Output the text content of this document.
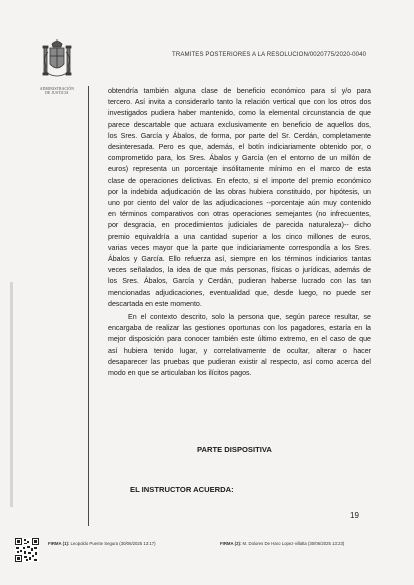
ADMINISTRACIÓN
DE JUSTICIA
TRAMITES POSTERIORES A LA RESOLUCION/0020775/2020-0040

obtendría también alguna clase de beneficio económico para sí y/o para

tercero. Así invita a considerarlo tanto la relación vertical que con los otros dos

investigados pudiera haber mantenido, como la elemental circunstancia de que

parece descartable que actuara exclusivamente en beneficio de aquellos dos,

los Sres. García y Ábalos, de forma, por parte del Sr. Cerdán, completamente

desinteresada. Pero es que, además, el botín indiciariamente obtenido por, o

comprometido para, los Sres. Ábalos y García (en el entorno de un millón de

euros) representa un porcentaje insólitamente mínimo en el marco de esta

clase de operaciones delictivas. En efecto, si el importe del premio económico

por la indebida adjudicación de las obras hubiera constituido, por hipótesis, un

uno por ciento del valor de las adjudicaciones --porcentaje aún muy contenido

en términos comparativos con otras operaciones semejantes (no infrecuentes,

por desgracia, en procedimientos judiciales de parecida naturaleza)-- dicho

premio equivaldría a una cantidad superior a los cinco millones de euros,

varias veces mayor que la parte que indiciariamente correspondía a los Sres.

Ábalos y García. Ello refuerza así, siempre en los términos indiciarios tantas

veces señalados, la idea de que más personas, físicas o jurídicas, además de

los Sres. Ábalos, García y Cerdán, pudieran haberse lucrado con las tan

mencionadas adjudicaciones, eventualidad que, desde luego, no puede ser

descartada en este momento.

En el contexto descrito, solo la persona que, según parece resultar, se

encargaba de realizar las gestiones oportunas con los pagadores, estaría en la

mejor disposición para conocer también este último extremo, en el caso de que

así hubiera tenido lugar, y correlativamente de ocultar, alterar o hacer

desaparecer las pruebas que pudieran existir al respecto, así como acerca del

modo en que se articulaban los ilícitos pagos.

PARTE DISPOSITIVA
EL INSTRUCTOR ACUERDA:
19
FIRMA (1): Leopoldo Puente Segura (30/06/2025 13:17)	FIRMA (2): M. Dolores De Haro Lopez-villalta (30/06/2025 13:23)
